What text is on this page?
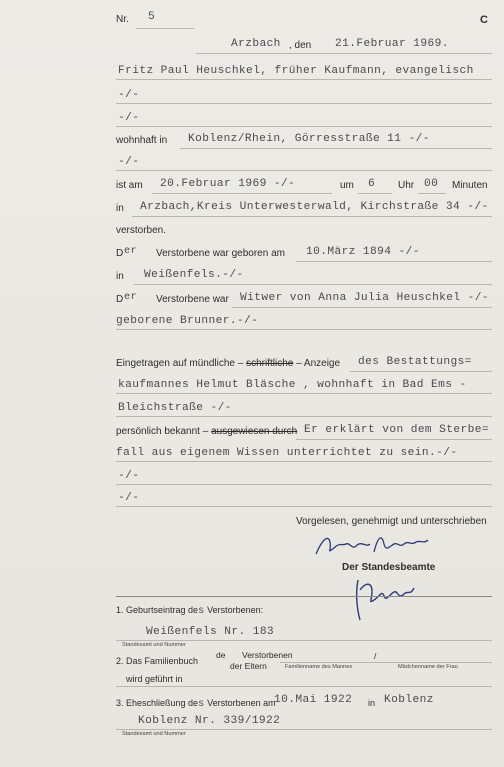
Nr. 5	C
Arzbach , den 21.Februar 1969.
Fritz Paul Heuschkel, früher Kaufmann, evangelisch
-/-
-/-
wohnhaft in Koblenz/Rhein, Görresstraße 11 -/-
-/-
ist am 20.Februar 1969 -/-	um 6 Uhr 00 Minuten
in Arzbach,Kreis Unterwesterwald, Kirchstraße 34 -/-
verstorben.
D er Verstorbene war geboren am 10.März 1894 -/-
in Weißenfels.-/-
D er Verstorbene war Witwer von Anna Julia Heuschkel -/-
geborene Brunner.-/-
Eingetragen auf mündliche – schriftliche – Anzeige des Bestattungs=
kaufmannes Helmut Bläsche , wohnhaft in Bad Ems -
Bleichstraße -/-
persönlich bekannt – ausgewiesen durch Er erklärt von dem Sterbe=
fall aus eigenem Wissen unterrichtet zu sein.-/-
-/-
-/-
Vorgelesen, genehmigt und unterschrieben
Der Standesbeamte
1. Geburtseintrag des Verstorbenen:
Weißenfels Nr. 183
Standesamt und Nummer
2. Das Familienbuch
de Verstorbenen
der Eltern
/
Familienname des Mannes	Mädchenname der Frau
wird geführt in
3. Eheschließung des Verstorbenen am
10.Mai 1922 in Koblenz
Koblenz Nr. 339/1922
Standesamt und Nummer
